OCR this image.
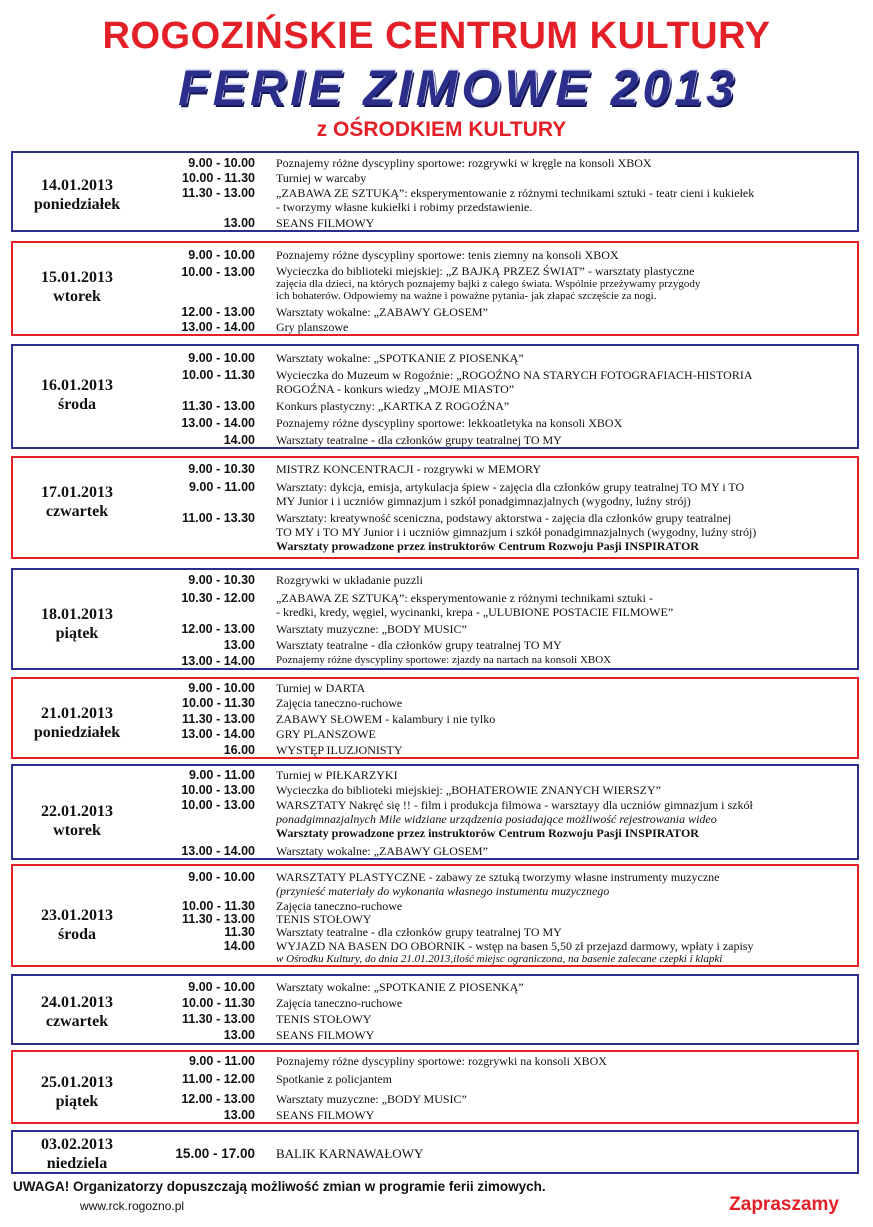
ROGOZIŃSKIE CENTRUM KULTURY
FERIE ZIMOWE 2013
z OŚRODKIEM KULTURY
14.01.2013
poniedziałek
9.00 - 10.00 Poznajemy różne dyscypliny sportowe: rozgrywki w kręgle na konsoli XBOX
10.00 - 11.30 Turniej w warcaby
11.30 - 13.00 „ZABAWA ZE SZTUKĄ”: eksperymentowanie z różnymi technikami sztuki - teatr cieni i kukiełek
- tworzymy własne kukiełki i robimy przedstawienie.
13.00 SEANS FILMOWY
15.01.2013
wtorek
9.00 - 10.00 Poznajemy różne dyscypliny sportowe: tenis ziemny na konsoli XBOX
10.00 - 13.00 Wycieczka do biblioteki miejskiej: „Z BAJKĄ PRZEZ ŚWIAT” - warsztaty plastyczne
zajęcia dla dzieci, na których poznajemy bajki z całego świata. Wspólnie przeżywamy przygody
ich bohaterów. Odpowiemy na ważne i poważne pytania- jak złapać szczęście za nogi.
12.00 - 13.00 Warsztaty wokalne: „ZABAWY GŁOSEM”
13.00 - 14.00 Gry planszowe
16.01.2013
środa
9.00 - 10.00 Warsztaty wokalne: „SPOTKANIE Z PIOSENKĄ”
10.00 - 11.30 Wycieczka do Muzeum w Rogoźnie: „ROGOŹNO NA STARYCH FOTOGRAFIACH-HISTORIA
ROGOŹNA - konkurs wiedzy „MOJE MIASTO”
11.30 - 13.00 Konkurs plastyczny: „KARTKA Z ROGOŹNA”
13.00 - 14.00 Poznajemy różne dyscypliny sportowe: lekkoatletyka na konsoli XBOX
14.00 Warsztaty teatralne - dla członków grupy teatralnej TO MY
17.01.2013
czwartek
9.00 - 10.30 MISTRZ KONCENTRACJI - rozgrywki w MEMORY
9.00 - 11.00 Warsztaty: dykcja, emisja, artykulacja śpiew - zajęcia dla członków grupy teatralnej TO MY i TO
MY Junior i i uczniów gimnazjum i szkół ponadgimnazjalnych (wygodny, luźny strój)
11.00 - 13.30 Warsztaty: kreatywność sceniczna, podstawy aktorstwa - zajęcia dla członków grupy teatralnej
TO MY i TO MY Junior i i uczniów gimnazjum i szkół ponadgimnazjalnych (wygodny, luźny strój)
Warsztaty prowadzone przez instruktorów Centrum Rozwoju Pasji INSPIRATOR
18.01.2013
piątek
9.00 - 10.30 Rozgrywki w układanie puzzli
10.30 - 12.00 „ZABAWA ZE SZTUKĄ”: eksperymentowanie z różnymi technikami sztuki -
- kredki, kredy, węgiel, wycinanki, krepa - „ULUBIONE POSTACIE FILMOWE”
12.00 - 13.00 Warsztaty muzyczne: „BODY MUSIC”
13.00 Warsztaty teatralne - dla członków grupy teatralnej TO MY
13.00 - 14.00 Poznajemy różne dyscypliny sportowe: zjazdy na nartach na konsoli XBOX
21.01.2013
poniedziałek
9.00 - 10.00 Turniej w DARTA
10.00 - 11.30 Zajęcia taneczno-ruchowe
11.30 - 13.00 ZABAWY SŁOWEM - kalambury i nie tylko
13.00 - 14.00 GRY PLANSZOWE
16.00 WYSTĘP ILUZJONISTY
22.01.2013
wtorek
9.00 - 11.00 Turniej w PIŁKARZYKI
10.00 - 13.00 Wycieczka do biblioteki miejskiej: „BOHATEROWIE ZNANYCH WIERSZY”
10.00 - 13.00 WARSZTATY Nakręć się !! - film i produkcja filmowa - warsztayy dla uczniów gimnazjum i szkół
ponadgimnazjalnych Mile widziane urządzenia posiadające możliwość rejestrowania wideo
Warsztaty prowadzone przez instruktorów Centrum Rozwoju Pasji INSPIRATOR
13.00 - 14.00 Warsztaty wokalne: „ZABAWY GŁOSEM”
23.01.2013
środa
9.00 - 10.00 WARSZTATY PLASTYCZNE - zabawy ze sztuką tworzymy własne instrumenty muzyczne
(przynieść materiały do wykonania własnego instumentu muzycznego
10.00 - 11.30 Zajęcia taneczno-ruchowe
11.30 - 13.00 TENIS STOŁOWY
11.30 Warsztaty teatralne - dla członków grupy teatralnej TO MY
14.00 WYJAZD NA BASEN DO OBORNIK - wstęp na basen 5,50 zł przejazd darmowy, wpłaty i zapisy
w Ośrodku Kultury, do dnia 21.01.2013,ilość miejsc ograniczona, na basenie zalecane czepki i klapki
24.01.2013
czwartek
9.00 - 10.00 Warsztaty wokalne: „SPOTKANIE Z PIOSENKĄ”
10.00 - 11.30 Zajęcia taneczno-ruchowe
11.30 - 13.00 TENIS STOŁOWY
13.00 SEANS FILMOWY
25.01.2013
piątek
9.00 - 11.00 Poznajemy różne dyscypliny sportowe: rozgrywki na konsoli XBOX
11.00 - 12.00 Spotkanie z policjantem
12.00 - 13.00 Warsztaty muzyczne: „BODY MUSIC”
13.00 SEANS FILMOWY
03.02.2013
niedziela
15.00 - 17.00 BALIK KARNAWAŁOWY
UWAGA! Organizatorzy dopuszczają możliwość zmian w programie ferii zimowych.
www.rck.rogozno.pl	Zapraszamy
